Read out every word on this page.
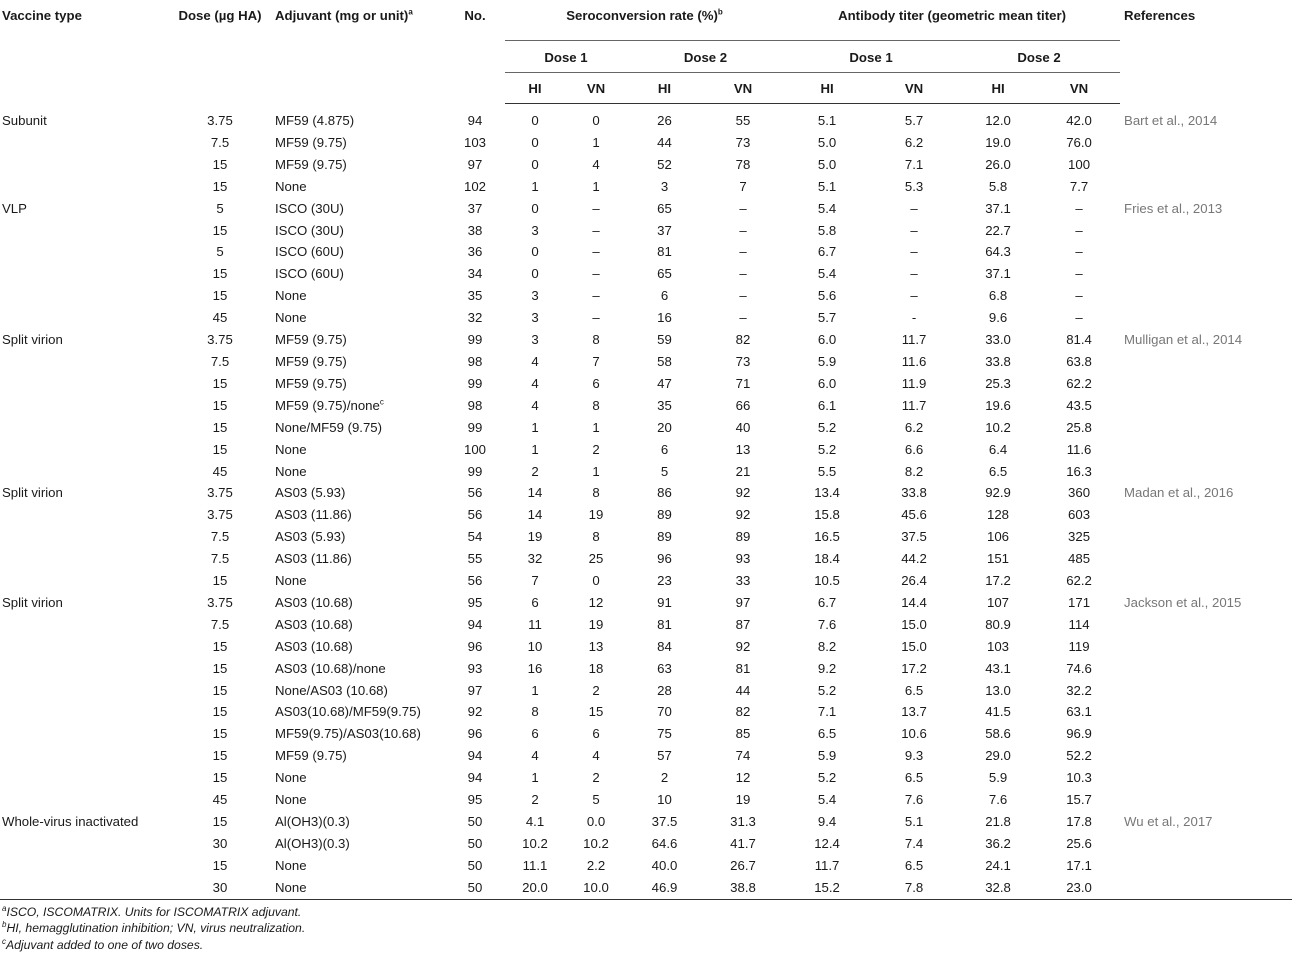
Vaccine type	Dose (µg HA)	Adjuvant (mg or unit)$^a$	No.	Seroconversion rate (%)$^b$				Antibody titer (geometric mean titer)				References
				Dose 1		Dose 2		Dose 1		Dose 2		
				HI	VN	HI	VN	HI	VN	HI	VN	
Subunit	3.75	MF59 (4.875)	94	0	0	26	55	5.1	5.7	12.0	42.0	Bart et al., 2014
	7.5	MF59 (9.75)	103	0	1	44	73	5.0	6.2	19.0	76.0	
	15	MF59 (9.75)	97	0	4	52	78	5.0	7.1	26.0	100	
	15	None	102	1	1	3	7	5.1	5.3	5.8	7.7	
VLP	5	ISCO (30U)	37	0	–	65	–	5.4	–	37.1	–	Fries et al., 2013
	15	ISCO (30U)	38	3	–	37	–	5.8	–	22.7	–	
	5	ISCO (60U)	36	0	–	81	–	6.7	–	64.3	–	
	15	ISCO (60U)	34	0	–	65	–	5.4	–	37.1	–	
	15	None	35	3	–	6	–	5.6	–	6.8	–	
	45	None	32	3	–	16	–	5.7	-	9.6	–	
Split virion	3.75	MF59 (9.75)	99	3	8	59	82	6.0	11.7	33.0	81.4	Mulligan et al., 2014
	7.5	MF59 (9.75)	98	4	7	58	73	5.9	11.6	33.8	63.8	
	15	MF59 (9.75)	99	4	6	47	71	6.0	11.9	25.3	62.2	
	15	MF59 (9.75)/none$^c$	98	4	8	35	66	6.1	11.7	19.6	43.5	
	15	None/MF59 (9.75)	99	1	1	20	40	5.2	6.2	10.2	25.8	
	15	None	100	1	2	6	13	5.2	6.6	6.4	11.6	
	45	None	99	2	1	5	21	5.5	8.2	6.5	16.3	
Split virion	3.75	AS03 (5.93)	56	14	8	86	92	13.4	33.8	92.9	360	Madan et al., 2016
	3.75	AS03 (11.86)	56	14	19	89	92	15.8	45.6	128	603	
	7.5	AS03 (5.93)	54	19	8	89	89	16.5	37.5	106	325	
	7.5	AS03 (11.86)	55	32	25	96	93	18.4	44.2	151	485	
	15	None	56	7	0	23	33	10.5	26.4	17.2	62.2	
Split virion	3.75	AS03 (10.68)	95	6	12	91	97	6.7	14.4	107	171	Jackson et al., 2015
	7.5	AS03 (10.68)	94	11	19	81	87	7.6	15.0	80.9	114	
	15	AS03 (10.68)	96	10	13	84	92	8.2	15.0	103	119	
	15	AS03 (10.68)/none	93	16	18	63	81	9.2	17.2	43.1	74.6	
	15	None/AS03 (10.68)	97	1	2	28	44	5.2	6.5	13.0	32.2	
	15	AS03(10.68)/MF59(9.75)	92	8	15	70	82	7.1	13.7	41.5	63.1	
	15	MF59(9.75)/AS03(10.68)	96	6	6	75	85	6.5	10.6	58.6	96.9	
	15	MF59 (9.75)	94	4	4	57	74	5.9	9.3	29.0	52.2	
	15	None	94	1	2	2	12	5.2	6.5	5.9	10.3	
	45	None	95	2	5	10	19	5.4	7.6	7.6	15.7	
Whole-virus inactivated	15	Al(OH3)(0.3)	50	4.1	0.0	37.5	31.3	9.4	5.1	21.8	17.8	Wu et al., 2017
	30	Al(OH3)(0.3)	50	10.2	10.2	64.6	41.7	12.4	7.4	36.2	25.6	
	15	None	50	11.1	2.2	40.0	26.7	11.7	6.5	24.1	17.1	
	30	None	50	20.0	10.0	46.9	38.8	15.2	7.8	32.8	23.0	
$^a$ISCO, ISCOMATRIX. Units for ISCOMATRIX adjuvant.
$^b$HI, hemagglutination inhibition; VN, virus neutralization.
$^c$Adjuvant added to one of two doses.
